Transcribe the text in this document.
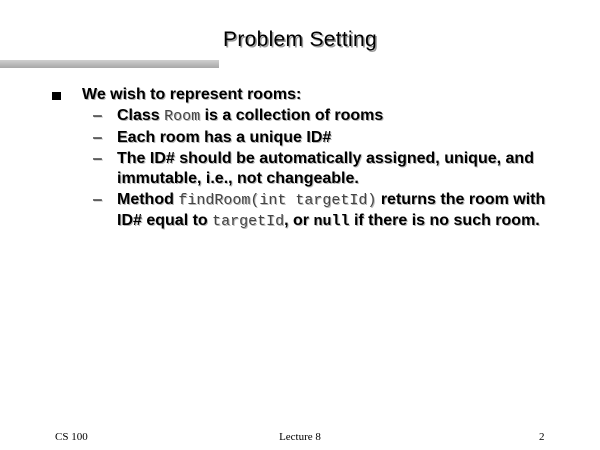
Problem Setting
We wish to represent rooms:
– Class Room is a collection of rooms
– Each room has a unique ID#
– The ID# should be automatically assigned, unique, and immutable, i.e., not changeable.
– Method findRoom(int targetId) returns the room with ID# equal to targetId, or null if there is no such room.
CS 100	Lecture 8	2
